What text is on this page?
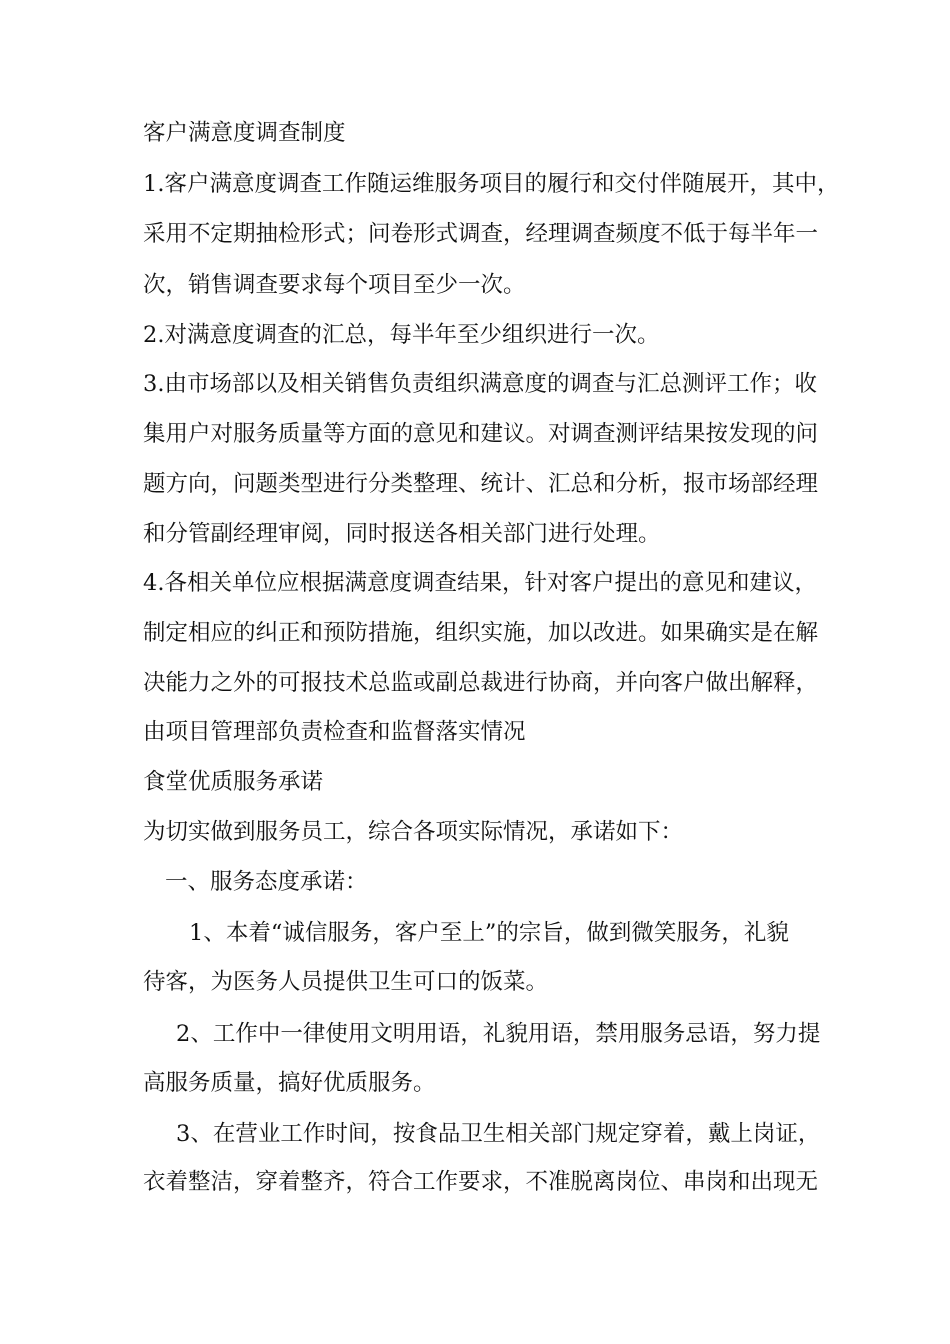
客户满意度调查制度
1.客户满意度调查工作随运维服务项目的履行和交付伴随展开，其中，
采用不定期抽检形式；问卷形式调查，经理调查频度不低于每半年一
次，销售调查要求每个项目至少一次。
2.对满意度调查的汇总，每半年至少组织进行一次。
3.由市场部以及相关销售负责组织满意度的调查与汇总测评工作；收
集用户对服务质量等方面的意见和建议。对调查测评结果按发现的问
题方向，问题类型进行分类整理、统计、汇总和分析，报市场部经理
和分管副经理审阅，同时报送各相关部门进行处理。
4.各相关单位应根据满意度调查结果，针对客户提出的意见和建议，
制定相应的纠正和预防措施，组织实施，加以改进。如果确实是在解
决能力之外的可报技术总监或副总裁进行协商，并向客户做出解释，
由项目管理部负责检查和监督落实情况
食堂优质服务承诺
为切实做到服务员工，综合各项实际情况，承诺如下：
一、服务态度承诺：
1、本着“诚信服务，客户至上”的宗旨，做到微笑服务，礼貌
待客，为医务人员提供卫生可口的饭菜。
2、工作中一律使用文明用语，礼貌用语，禁用服务忌语，努力提
高服务质量，搞好优质服务。
3、在营业工作时间，按食品卫生相关部门规定穿着，戴上岗证，
衣着整洁，穿着整齐，符合工作要求，不准脱离岗位、串岗和出现无
